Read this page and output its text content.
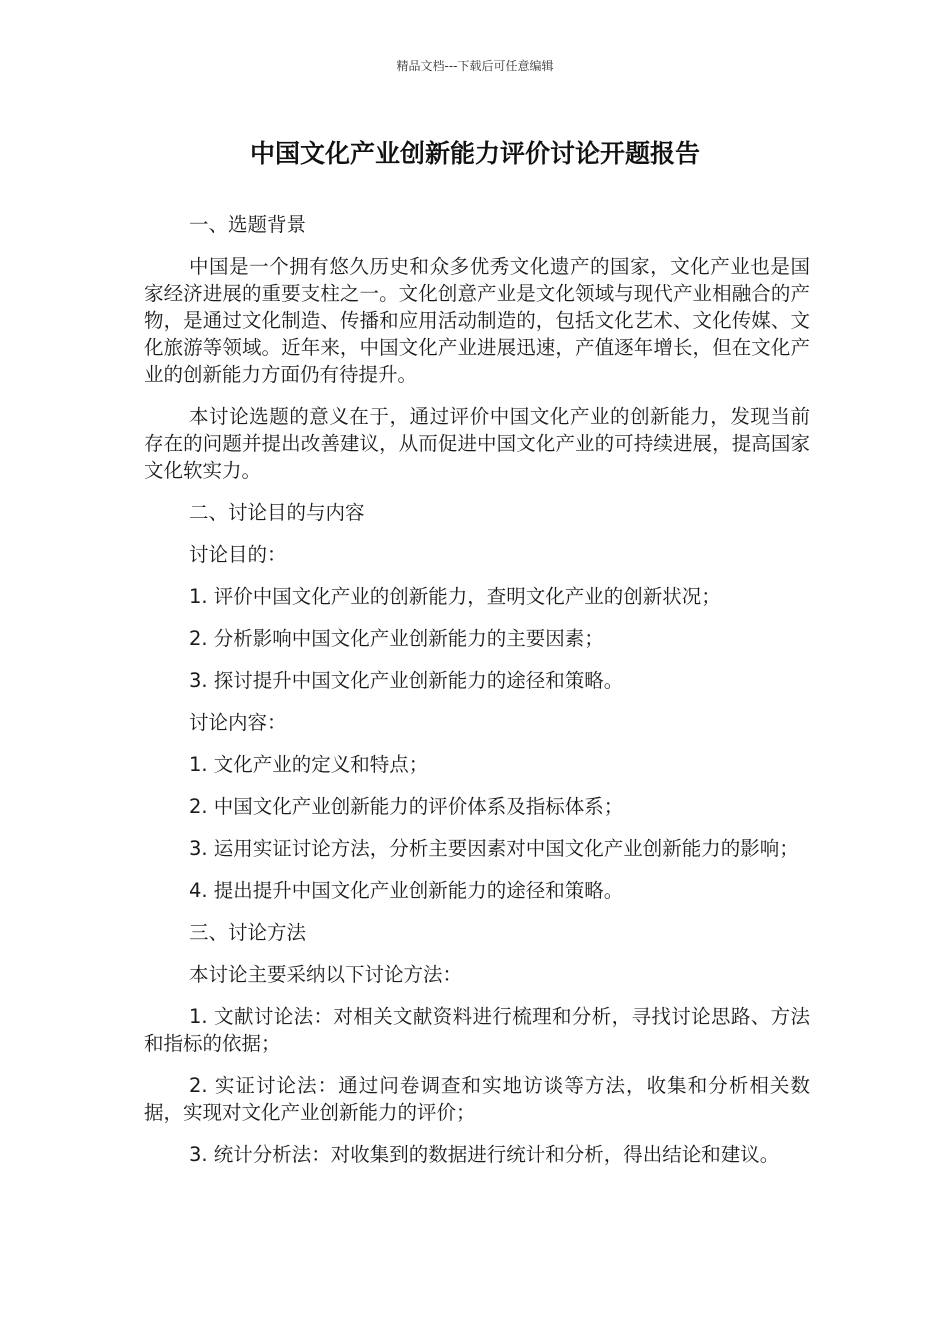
精品文档---下载后可任意编辑
中国文化产业创新能力评价讨论开题报告

一、选题背景

中国是一个拥有悠久历史和众多优秀文化遗产的国家，文化产业也是国家经济进展的重要支柱之一。文化创意产业是文化领域与现代产业相融合的产物，是通过文化制造、传播和应用活动制造的，包括文化艺术、文化传媒、文化旅游等领域。近年来，中国文化产业进展迅速，产值逐年增长，但在文化产业的创新能力方面仍有待提升。

本讨论选题的意义在于，通过评价中国文化产业的创新能力，发现当前存在的问题并提出改善建议，从而促进中国文化产业的可持续进展，提高国家文化软实力。

二、讨论目的与内容

讨论目的：

1. 评价中国文化产业的创新能力，查明文化产业的创新状况；

2. 分析影响中国文化产业创新能力的主要因素；

3. 探讨提升中国文化产业创新能力的途径和策略。

讨论内容：

1. 文化产业的定义和特点；

2. 中国文化产业创新能力的评价体系及指标体系；

3. 运用实证讨论方法，分析主要因素对中国文化产业创新能力的影响；

4. 提出提升中国文化产业创新能力的途径和策略。

三、讨论方法

本讨论主要采纳以下讨论方法：

1. 文献讨论法：对相关文献资料进行梳理和分析，寻找讨论思路、方法和指标的依据；

2. 实证讨论法：通过问卷调查和实地访谈等方法，收集和分析相关数据，实现对文化产业创新能力的评价；

3. 统计分析法：对收集到的数据进行统计和分析，得出结论和建议。
